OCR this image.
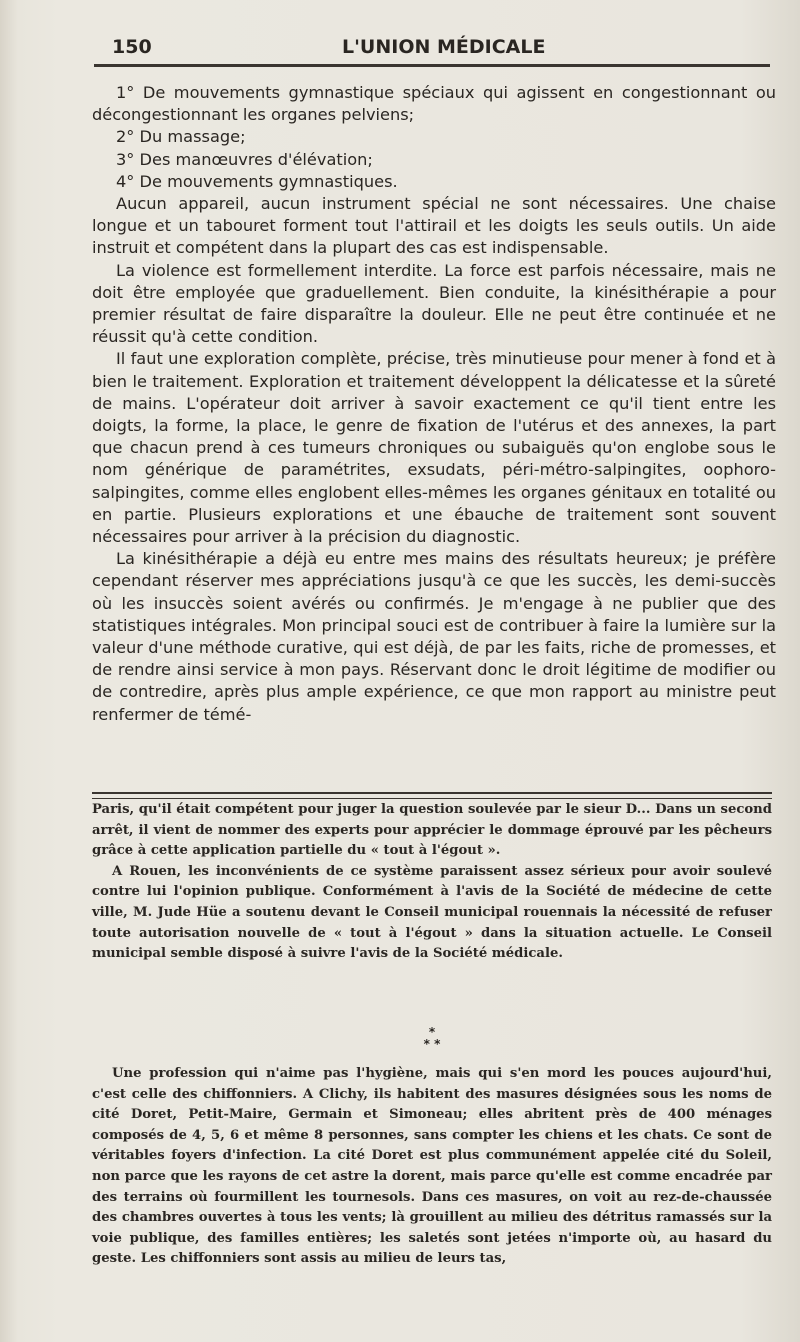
150	L'UNION MÉDICALE

1° De mouvements gymnastique spéciaux qui agissent en congestionnant ou décongestionnant les organes pelviens;

2° Du massage;

3° Des manœuvres d'élévation;

4° De mouvements gymnastiques.

Aucun appareil, aucun instrument spécial ne sont nécessaires. Une chaise longue et un tabouret forment tout l'attirail et les doigts les seuls outils. Un aide instruit et compétent dans la plupart des cas est indispensable.

La violence est formellement interdite. La force est parfois nécessaire, mais ne doit être employée que graduellement. Bien conduite, la kinésithérapie a pour premier résultat de faire disparaître la douleur. Elle ne peut être continuée et ne réussit qu'à cette condition.

Il faut une exploration complète, précise, très minutieuse pour mener à fond et à bien le traitement. Exploration et traitement développent la délicatesse et la sûreté de mains. L'opérateur doit arriver à savoir exactement ce qu'il tient entre les doigts, la forme, la place, le genre de fixation de l'utérus et des annexes, la part que chacun prend à ces tumeurs chroniques ou subaiguës qu'on englobe sous le nom générique de paramétrites, exsudats, péri-métro-salpingites, oophoro-salpingites, comme elles englobent elles-mêmes les organes génitaux en totalité ou en partie. Plusieurs explorations et une ébauche de traitement sont souvent nécessaires pour arriver à la précision du diagnostic.

La kinésithérapie a déjà eu entre mes mains des résultats heureux; je préfère cependant réserver mes appréciations jusqu'à ce que les succès, les demi-succès où les insuccès soient avérés ou confirmés. Je m'engage à ne publier que des statistiques intégrales. Mon principal souci est de contribuer à faire la lumière sur la valeur d'une méthode curative, qui est déjà, de par les faits, riche de promesses, et de rendre ainsi service à mon pays. Réservant donc le droit légitime de modifier ou de contredire, après plus ample expérience, ce que mon rapport au ministre peut renfermer de témé-

Paris, qu'il était compétent pour juger la question soulevée par le sieur D... Dans un second arrêt, il vient de nommer des experts pour apprécier le dommage éprouvé par les pêcheurs grâce à cette application partielle du « tout à l'égout ».

A Rouen, les inconvénients de ce système paraissent assez sérieux pour avoir soulevé contre lui l'opinion publique. Conformément à l'avis de la Société de médecine de cette ville, M. Jude Hüe a soutenu devant le Conseil municipal rouennais la nécessité de refuser toute autorisation nouvelle de « tout à l'égout » dans la situation actuelle. Le Conseil municipal semble disposé à suivre l'avis de la Société médicale.

*
* *

Une profession qui n'aime pas l'hygiène, mais qui s'en mord les pouces aujourd'hui, c'est celle des chiffonniers. A Clichy, ils habitent des masures désignées sous les noms de cité Doret, Petit-Maire, Germain et Simoneau; elles abritent près de 400 ménages composés de 4, 5, 6 et même 8 personnes, sans compter les chiens et les chats. Ce sont de véritables foyers d'infection. La cité Doret est plus communément appelée cité du Soleil, non parce que les rayons de cet astre la dorent, mais parce qu'elle est comme encadrée par des terrains où fourmillent les tournesols. Dans ces masures, on voit au rez-de-chaussée des chambres ouvertes à tous les vents; là grouillent au milieu des détritus ramassés sur la voie publique, des familles entières; les saletés sont jetées n'importe où, au hasard du geste. Les chiffonniers sont assis au milieu de leurs tas,
